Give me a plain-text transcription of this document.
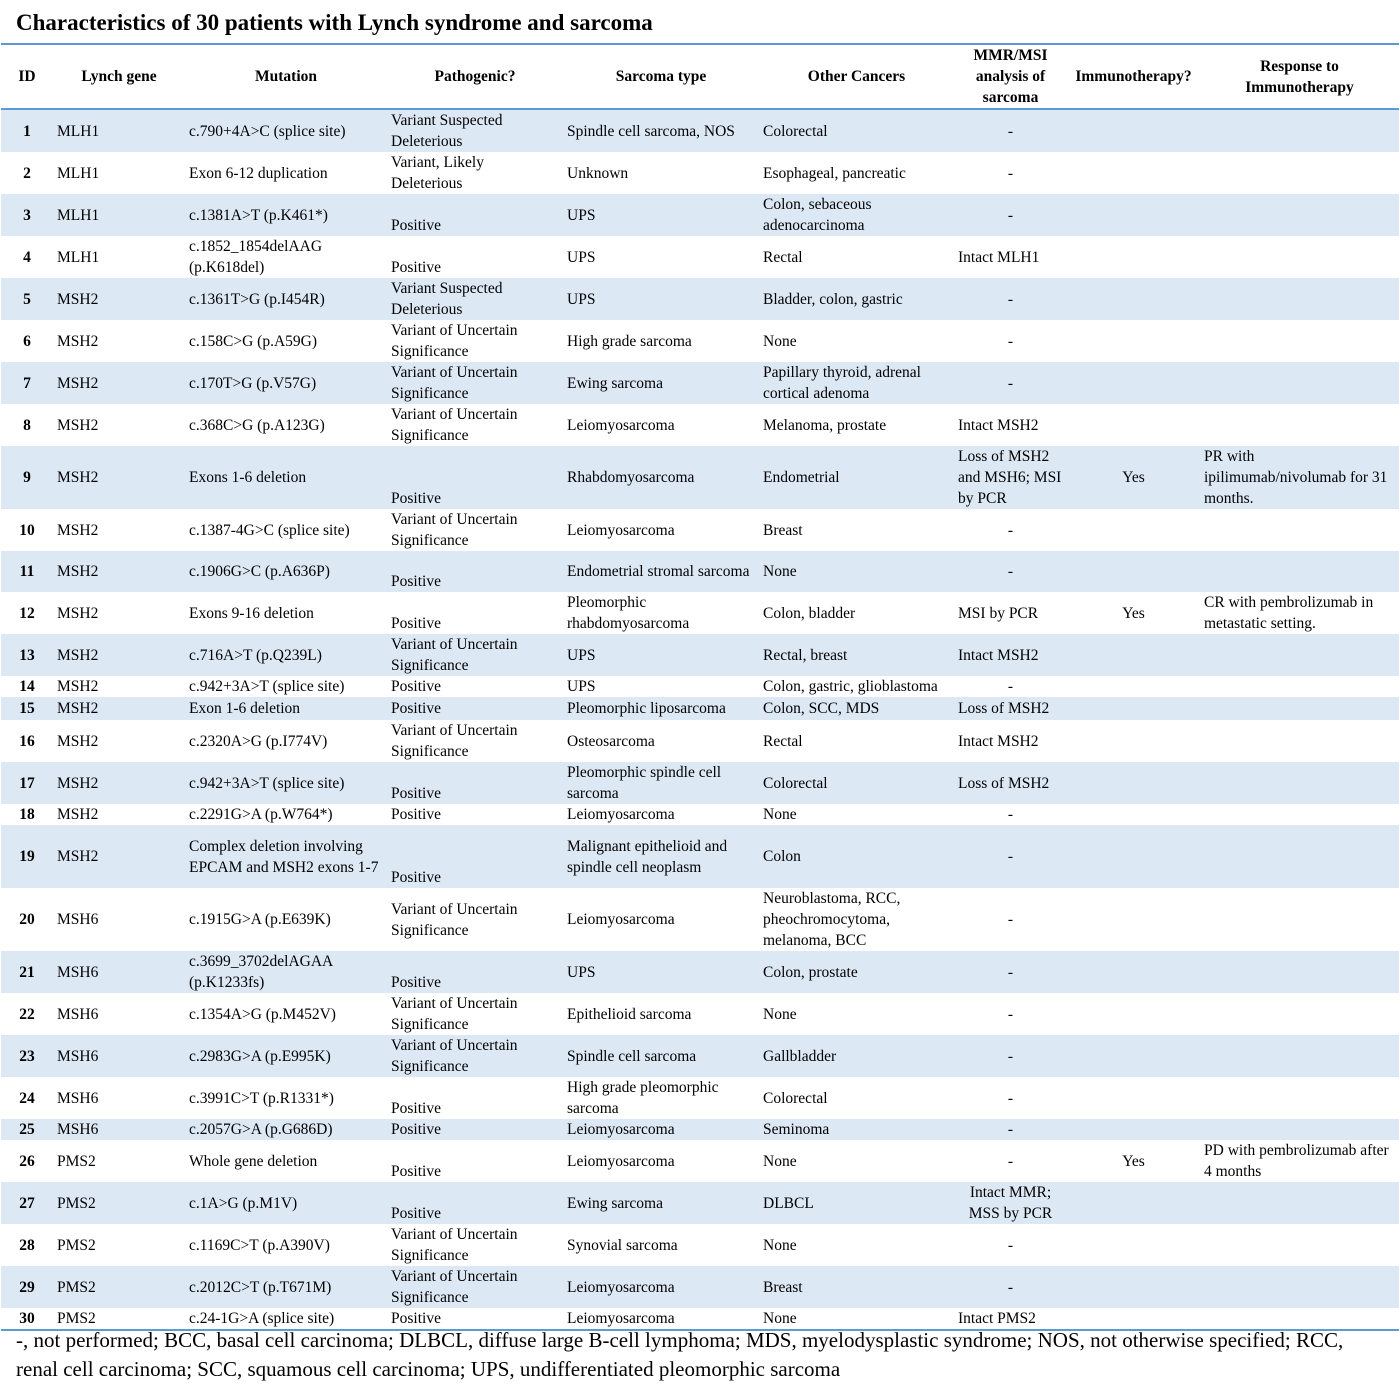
Characteristics of 30 patients with Lynch syndrome and sarcoma
ID	Lynch gene	Mutation	Pathogenic?	Sarcoma type	Other Cancers	MMR/MSI analysis of sarcoma	Immunotherapy?	Response to Immunotherapy
1	MLH1	c.790+4A>C (splice site)	Variant Suspected Deleterious	Spindle cell sarcoma, NOS	Colorectal	-		
2	MLH1	Exon 6-12 duplication	Variant, Likely Deleterious	Unknown	Esophageal, pancreatic	-		
3	MLH1	c.1381A>T (p.K461*)	Positive	UPS	Colon, sebaceous adenocarcinoma	-		
4	MLH1	c.1852_1854delAAG (p.K618del)	Positive	UPS	Rectal	Intact MLH1		
5	MSH2	c.1361T>G (p.I454R)	Variant Suspected Deleterious	UPS	Bladder, colon, gastric	-		
6	MSH2	c.158C>G (p.A59G)	Variant of Uncertain Significance	High grade sarcoma	None	-		
7	MSH2	c.170T>G (p.V57G)	Variant of Uncertain Significance	Ewing sarcoma	Papillary thyroid, adrenal cortical adenoma	-		
8	MSH2	c.368C>G (p.A123G)	Variant of Uncertain Significance	Leiomyosarcoma	Melanoma, prostate	Intact MSH2		
9	MSH2	Exons 1-6 deletion	Positive	Rhabdomyosarcoma	Endometrial	Loss of MSH2 and MSH6; MSI by PCR	Yes	PR with ipilimumab/nivolumab for 31 months.
10	MSH2	c.1387-4G>C (splice site)	Variant of Uncertain Significance	Leiomyosarcoma	Breast	-		
11	MSH2	c.1906G>C (p.A636P)	Positive	Endometrial stromal sarcoma	None	-		
12	MSH2	Exons 9-16 deletion	Positive	Pleomorphic rhabdomyosarcoma	Colon, bladder	MSI by PCR	Yes	CR with pembrolizumab in metastatic setting.
13	MSH2	c.716A>T (p.Q239L)	Variant of Uncertain Significance	UPS	Rectal, breast	Intact MSH2		
14	MSH2	c.942+3A>T (splice site)	Positive	UPS	Colon, gastric, glioblastoma	-		
15	MSH2	Exon 1-6 deletion	Positive	Pleomorphic liposarcoma	Colon, SCC, MDS	Loss of MSH2		
16	MSH2	c.2320A>G (p.I774V)	Variant of Uncertain Significance	Osteosarcoma	Rectal	Intact MSH2		
17	MSH2	c.942+3A>T (splice site)	Positive	Pleomorphic spindle cell sarcoma	Colorectal	Loss of MSH2		
18	MSH2	c.2291G>A (p.W764*)	Positive	Leiomyosarcoma	None	-		
19	MSH2	Complex deletion involving EPCAM and MSH2 exons 1-7	Positive	Malignant epithelioid and spindle cell neoplasm	Colon	-		
20	MSH6	c.1915G>A (p.E639K)	Variant of Uncertain Significance	Leiomyosarcoma	Neuroblastoma, RCC, pheochromocytoma, melanoma, BCC	-		
21	MSH6	c.3699_3702delAGAA (p.K1233fs)	Positive	UPS	Colon, prostate	-		
22	MSH6	c.1354A>G (p.M452V)	Variant of Uncertain Significance	Epithelioid sarcoma	None	-		
23	MSH6	c.2983G>A (p.E995K)	Variant of Uncertain Significance	Spindle cell sarcoma	Gallbladder	-		
24	MSH6	c.3991C>T (p.R1331*)	Positive	High grade pleomorphic sarcoma	Colorectal	-		
25	MSH6	c.2057G>A (p.G686D)	Positive	Leiomyosarcoma	Seminoma	-		
26	PMS2	Whole gene deletion	Positive	Leiomyosarcoma	None	-	Yes	PD with pembrolizumab after 4 months
27	PMS2	c.1A>G (p.M1V)	Positive	Ewing sarcoma	DLBCL	Intact MMR; MSS by PCR		
28	PMS2	c.1169C>T (p.A390V)	Variant of Uncertain Significance	Synovial sarcoma	None	-		
29	PMS2	c.2012C>T (p.T671M)	Variant of Uncertain Significance	Leiomyosarcoma	Breast	-		
30	PMS2	c.24-1G>A (splice site)	Positive	Leiomyosarcoma	None	Intact PMS2		
-, not performed; BCC, basal cell carcinoma; DLBCL, diffuse large B-cell lymphoma; MDS, myelodysplastic syndrome; NOS, not otherwise specified; RCC, renal cell carcinoma; SCC, squamous cell carcinoma; UPS, undifferentiated pleomorphic sarcoma
